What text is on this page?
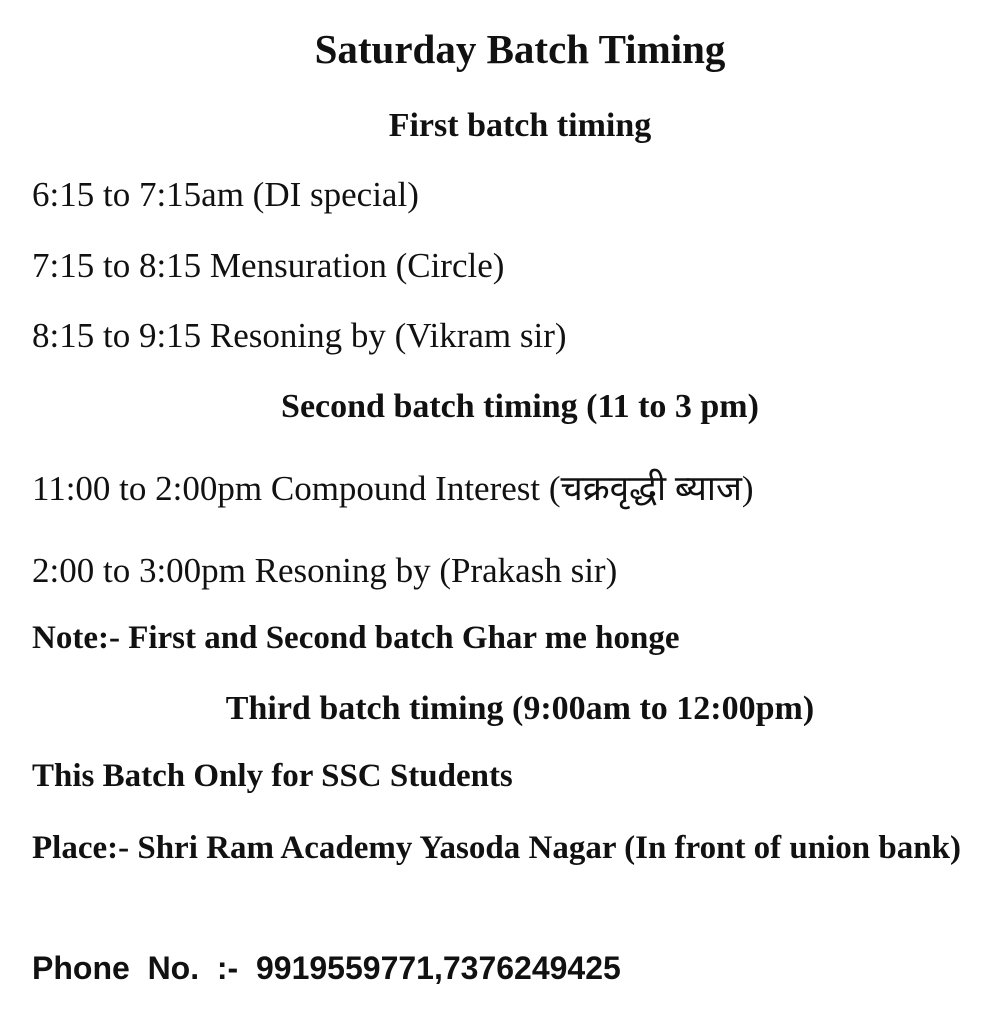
Saturday Batch Timing
First batch timing
6:15 to 7:15am (DI special)
7:15 to 8:15 Mensuration (Circle)
8:15 to 9:15 Resoning by (Vikram sir)
Second batch timing (11 to 3 pm)
11:00 to 2:00pm Compound Interest (चक्रवृद्धी ब्याज)
2:00 to 3:00pm Resoning by (Prakash sir)
Note:- First and Second batch Ghar me honge
Third batch timing (9:00am to 12:00pm)
This Batch Only for SSC Students
Place:- Shri Ram Academy Yasoda Nagar (In front of union bank)
Phone  No.  :-  9919559771,7376249425
